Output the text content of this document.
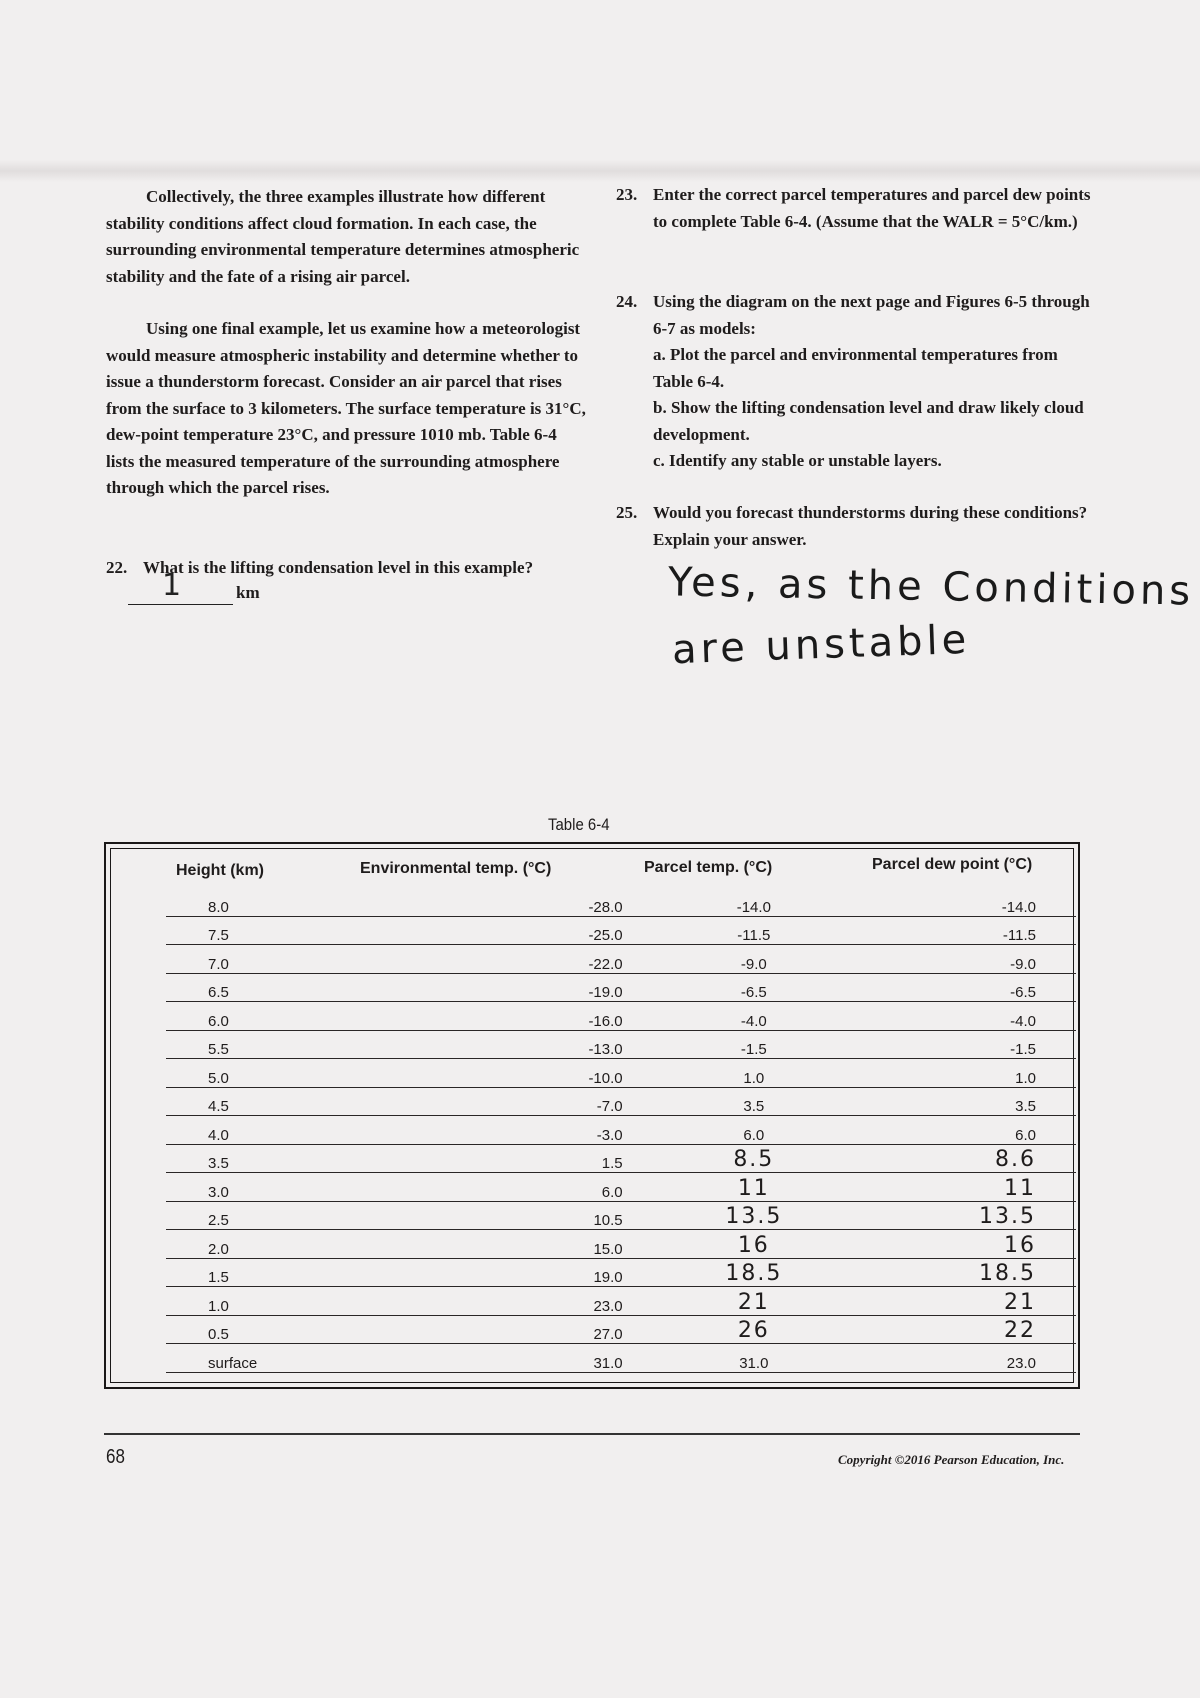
Collectively, the three examples illustrate how different stability conditions affect cloud formation. In each case, the surrounding environmental temperature determines atmospheric stability and the fate of a rising air parcel.
Using one final example, let us examine how a meteorologist would measure atmospheric instability and determine whether to issue a thunderstorm forecast. Consider an air parcel that rises from the surface to 3 kilometers. The surface temperature is 31°C, dew-point temperature 23°C, and pressure 1010 mb. Table 6-4 lists the measured temperature of the surrounding atmosphere through which the parcel rises.
22. What is the lifting condensation level in this example?
1	km
23. Enter the correct parcel temperatures and parcel dew points to complete Table 6-4. (Assume that the WALR = 5°C/km.)
24. Using the diagram on the next page and Figures 6-5 through 6-7 as models:
a. Plot the parcel and environmental temperatures from Table 6-4.
b. Show the lifting condensation level and draw likely cloud development.
c. Identify any stable or unstable layers.
25. Would you forecast thunderstorms during these conditions? Explain your answer.
Yes, as the Conditions
are unstable
Table 6-4
Height (km)	Environmental temp. (°C)	Parcel temp. (°C)	Parcel dew point (°C)
8.0	-28.0	-14.0	-14.0
7.5	-25.0	-11.5	-11.5
7.0	-22.0	-9.0	-9.0
6.5	-19.0	-6.5	-6.5
6.0	-16.0	-4.0	-4.0
5.5	-13.0	-1.5	-1.5
5.0	-10.0	1.0	1.0
4.5	-7.0	3.5	3.5
4.0	-3.0	6.0	6.0
3.5	1.5	8.5	8.6
3.0	6.0	11	11
2.5	10.5	13.5	13.5
2.0	15.0	16	16
1.5	19.0	18.5	18.5
1.0	23.0	21	21
0.5	27.0	26	22
surface	31.0	31.0	23.0
68	Copyright ©2016 Pearson Education, Inc.
